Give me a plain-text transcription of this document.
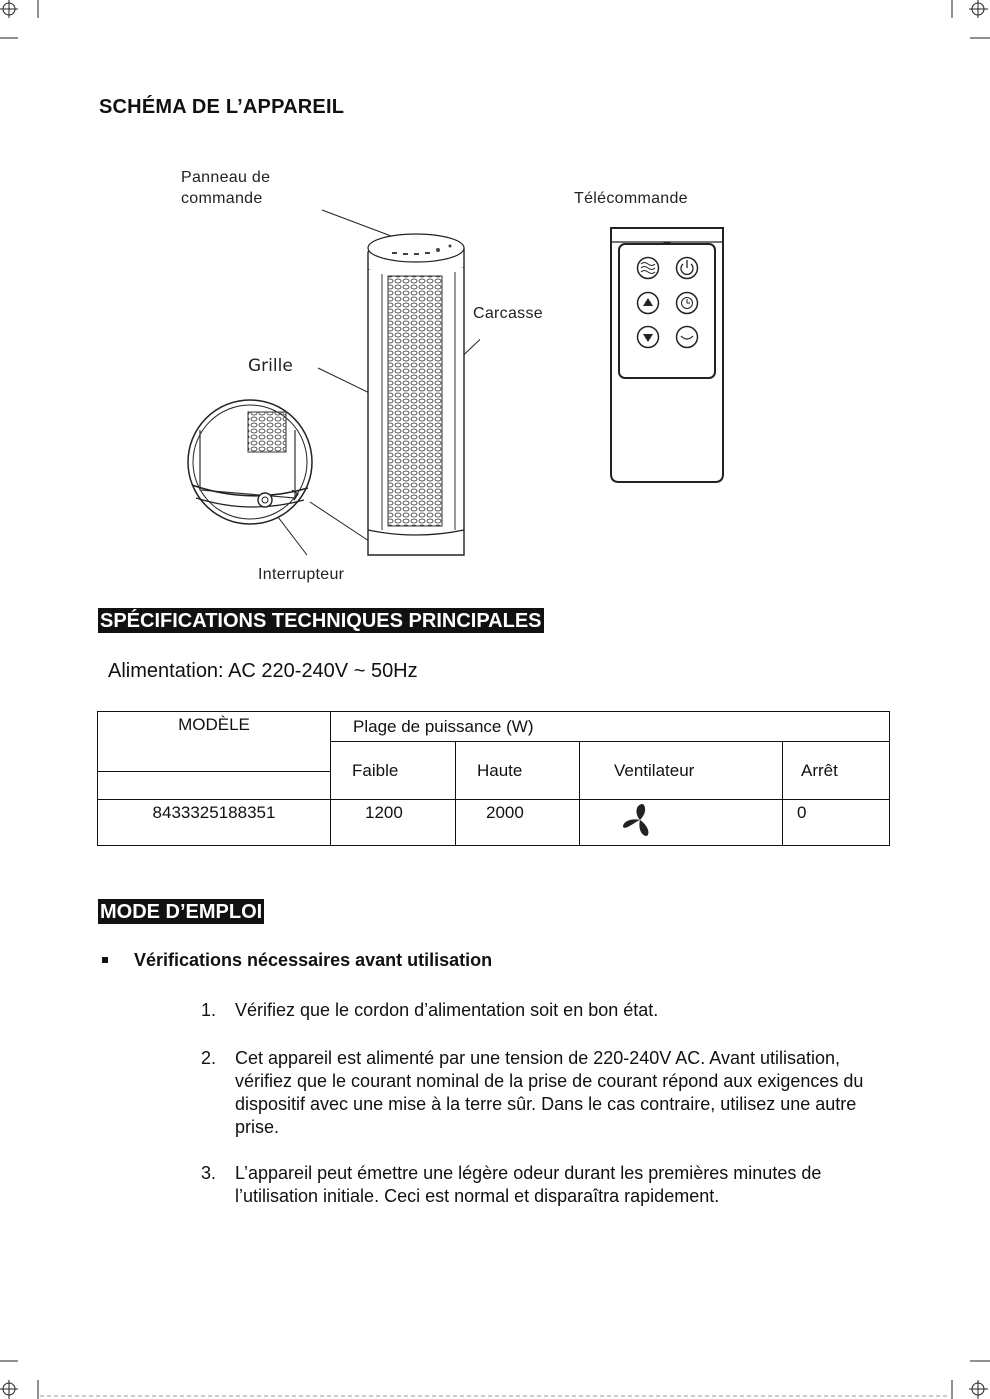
SCHÉMA DE L’APPAREIL
Panneau de
commande	Télécommande
Carcasse
Grille
Interrupteur
SPÉCIFICATIONS TECHNIQUES PRINCIPALES
Alimentation: AC 220-240V ~ 50Hz
MODÈLE	Plage de puissance (W)			
	Faible	Haute	Ventilateur	Arrêt

8433325188351	1200	2000		0
MODE D’EMPLOI
Vérifications nécessaires avant utilisation
1. Vérifiez que le cordon d’alimentation soit en bon état.
2. Cet appareil est alimenté par une tension de 220-240V AC. Avant utilisation, vérifiez que le courant nominal de la prise de courant répond aux exigences du dispositif avec une mise à la terre sûr. Dans le cas contraire, utilisez une autre prise.
3. L’appareil peut émettre une légère odeur durant les premières minutes de l’utilisation initiale. Ceci est normal et disparaîtra rapidement.
